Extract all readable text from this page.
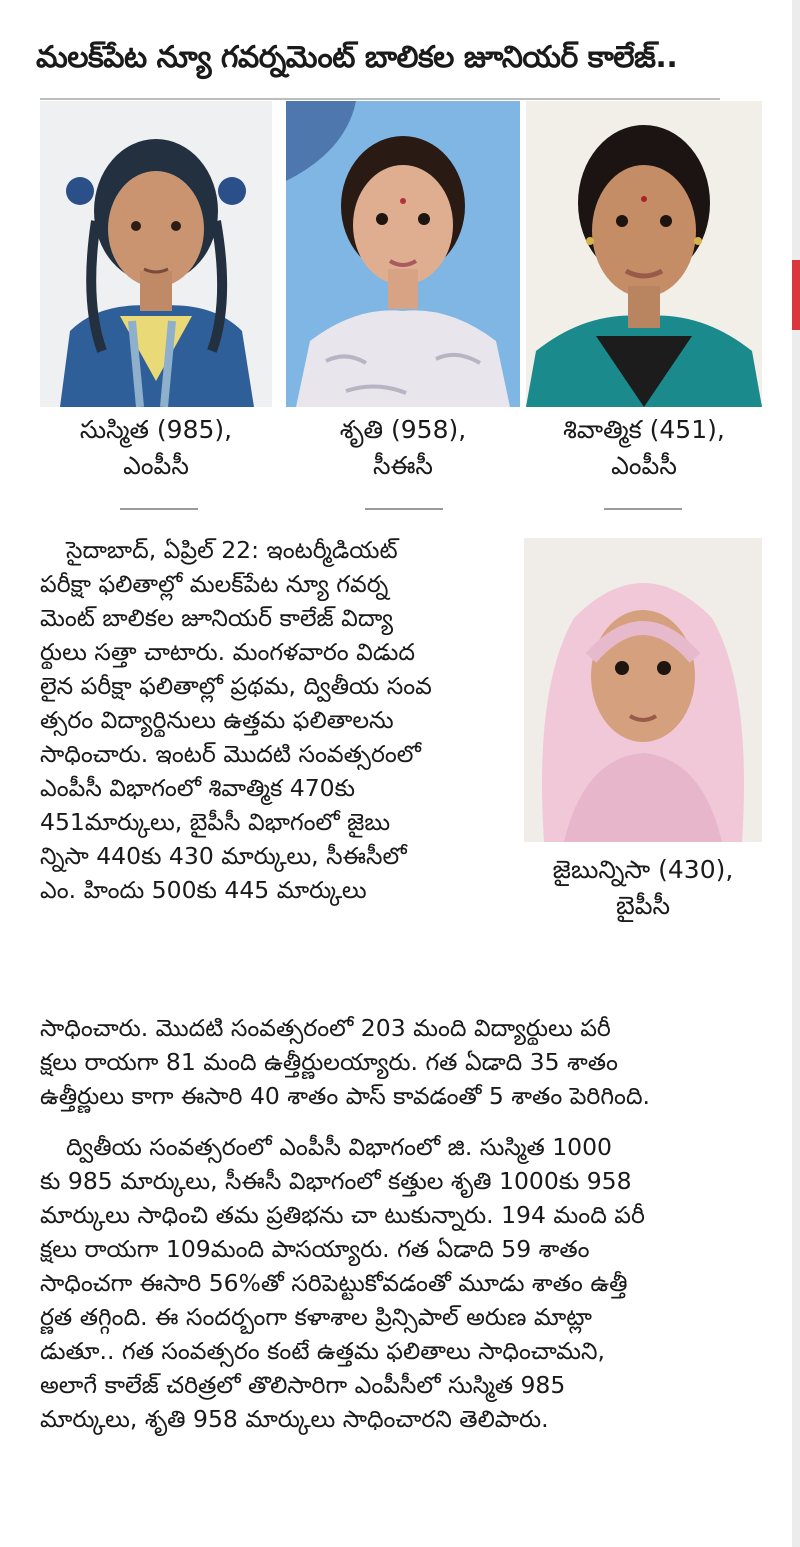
మలక్‌పేట న్యూ గవర్నమెంట్ బాలికల జూనియర్ కాలేజ్..
సుస్మిత (985),
ఎంపీసీ
శృతి (958),
సీఈసీ
శివాత్మిక (451),
ఎంపీసీ
జైబున్నిసా (430),
బైపీసీ
సైదాబాద్, ఏప్రిల్ 22: ఇంటర్మీడియట్
పరీక్షా ఫలితాల్లో మలక్‌పేట న్యూ గవర్న
మెంట్ బాలికల జూనియర్ కాలేజ్ విద్యా
ర్థులు సత్తా చాటారు. మంగళవారం విడుద
లైన పరీక్షా ఫలితాల్లో ప్రథమ, ద్వితీయ సంవ
త్సరం విద్యార్థినులు ఉత్తమ ఫలితాలను
సాధించారు. ఇంటర్ మొదటి సంవత్సరంలో
ఎంపీసీ విభాగంలో శివాత్మిక 470కు
451మార్కులు, బైపీసీ విభాగంలో జైబు
న్నిసా 440కు 430 మార్కులు, సీఈసీలో
ఎం. హిందు 500కు 445 మార్కులు
సాధించారు. మొదటి సంవత్సరంలో 203 మంది విద్యార్థులు పరీ
క్షలు రాయగా 81 మంది ఉత్తీర్ణులయ్యారు. గత ఏడాది 35 శాతం
ఉత్తీర్ణులు కాగా ఈసారి 40 శాతం పాస్ కావడంతో 5 శాతం పెరిగింది.
ద్వితీయ సంవత్సరంలో ఎంపీసీ విభాగంలో జి. సుస్మిత 1000
కు 985 మార్కులు, సీఈసీ విభాగంలో కత్తుల శృతి 1000కు 958
మార్కులు సాధించి తమ ప్రతిభను చా టుకున్నారు. 194 మంది పరీ
క్షలు రాయగా 109మంది పాసయ్యారు. గత ఏడాది 59 శాతం
సాధించగా ఈసారి 56%తో సరిపెట్టుకోవడంతో మూడు శాతం ఉత్తీ
ర్ణత తగ్గింది. ఈ సందర్భంగా కళాశాల ప్రిన్సిపాల్ అరుణ మాట్లా
డుతూ.. గత సంవత్సరం కంటే ఉత్తమ ఫలితాలు సాధించామని,
అలాగే కాలేజ్ చరిత్రలో తొలిసారిగా ఎంపీసీలో సుస్మిత 985
మార్కులు, శృతి 958 మార్కులు సాధించారని తెలిపారు.
